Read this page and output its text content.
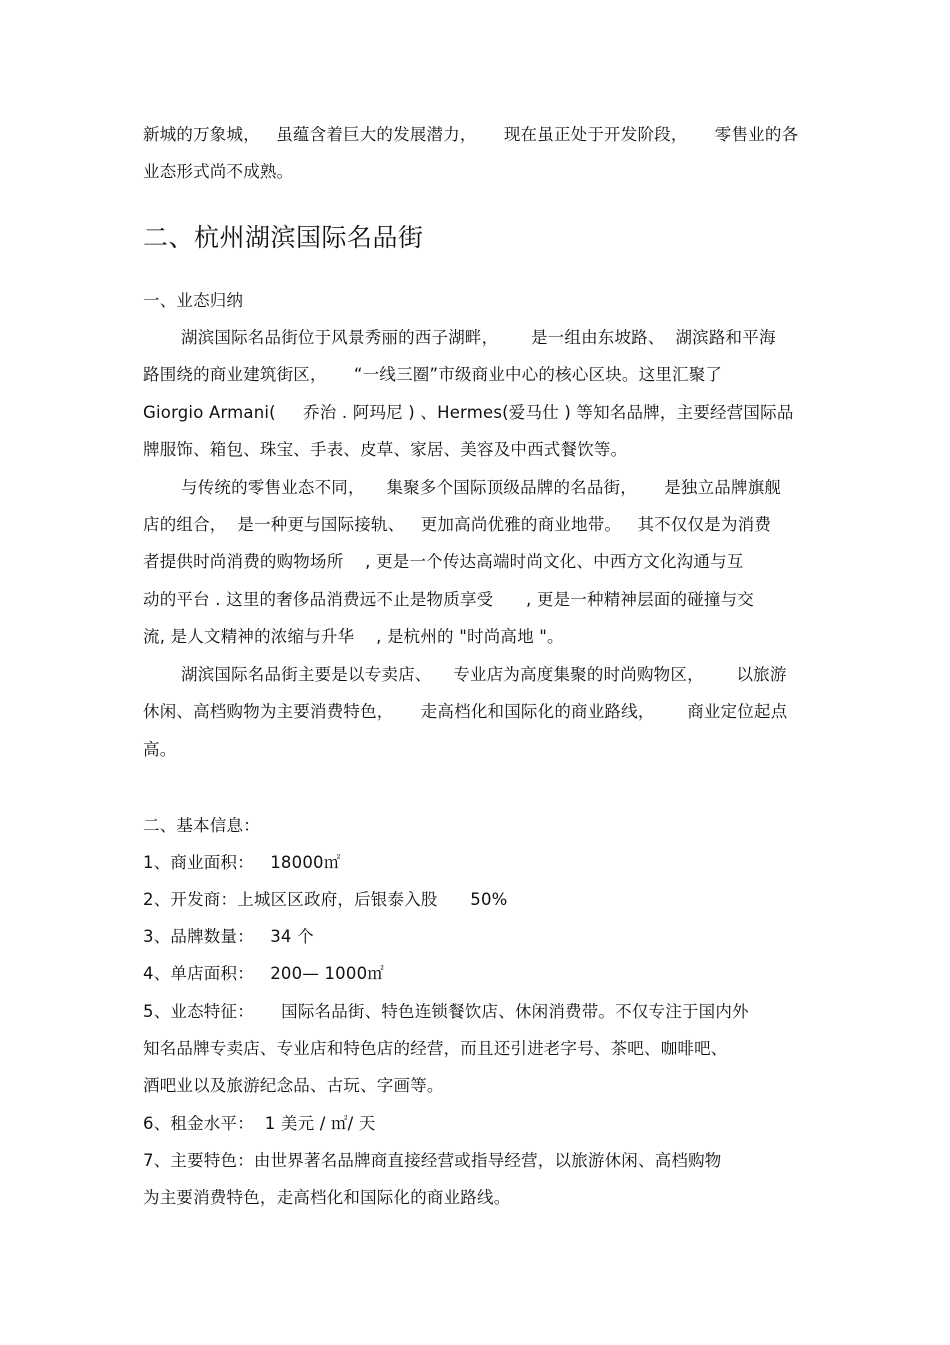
新城的万象城，   虽蕴含着巨大的发展潜力，     现在虽正处于开发阶段，     零售业的各
业态形式尚不成熟。
二、杭州湖滨国际名品街
一、业态归纳
湖滨国际名品街位于风景秀丽的西子湖畔，      是一组由东坡路、  湖滨路和平海
路围绕的商业建筑街区，     “一线三圈”市级商业中心的核心区块。这里汇聚了
Giorgio Armani(     乔治 . 阿玛尼 ) 、Hermes(爱马仕 ) 等知名品牌，主要经营国际品
牌服饰、箱包、珠宝、手表、皮草、家居、美容及中西式餐饮等。
与传统的零售业态不同，    集聚多个国际顶级品牌的名品街，     是独立品牌旗舰
店的组合，  是一种更与国际接轨、   更加高尚优雅的商业地带。   其不仅仅是为消费
者提供时尚消费的购物场所    , 更是一个传达高端时尚文化、中西方文化沟通与互
动的平台 . 这里的奢侈品消费远不止是物质享受      , 更是一种精神层面的碰撞与交
流, 是人文精神的浓缩与升华    , 是杭州的 "时尚高地 "。
湖滨国际名品街主要是以专卖店、    专业店为高度集聚的时尚购物区，      以旅游
休闲、高档购物为主要消费特色，     走高档化和国际化的商业路线，      商业定位起点
高。
二、基本信息：
1、商业面积：   18000㎡
2、开发商：上城区区政府，后银泰入股      50%
3、品牌数量：   34 个
4、单店面积：   200— 1000㎡
5、业态特征：     国际名品街、特色连锁餐饮店、休闲消费带。不仅专注于国内外
知名品牌专卖店、专业店和特色店的经营，而且还引进老字号、茶吧、咖啡吧、
酒吧业以及旅游纪念品、古玩、字画等。
6、租金水平：  1 美元 / ㎡/ 天
7、主要特色：由世界著名品牌商直接经营或指导经营，以旅游休闲、高档购物
为主要消费特色，走高档化和国际化的商业路线。
